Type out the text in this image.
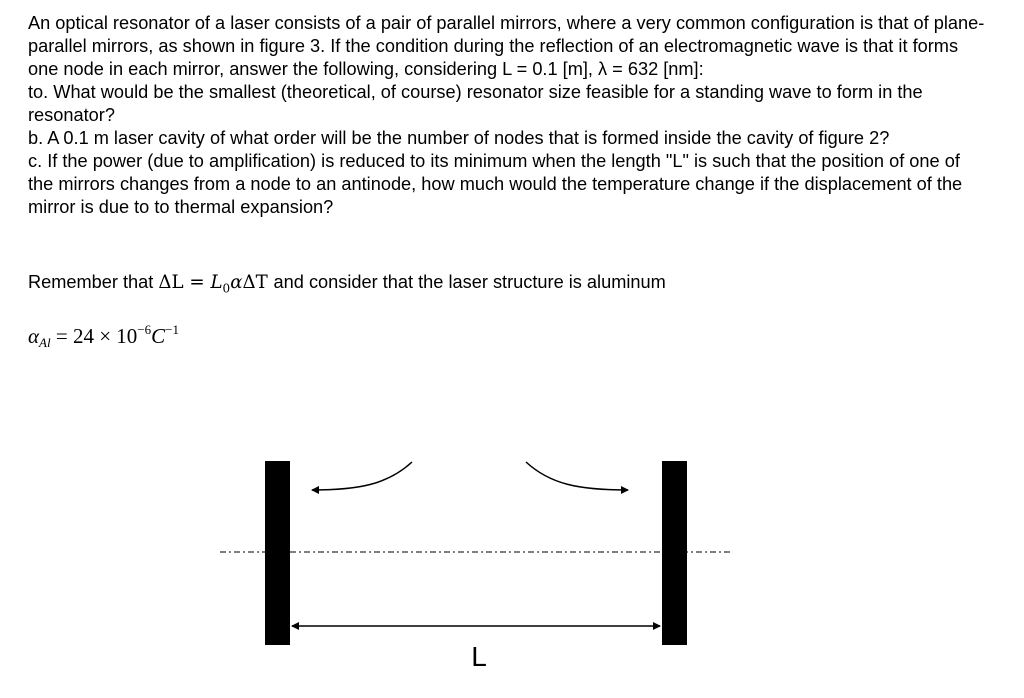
An optical resonator of a laser consists of a pair of parallel mirrors, where a very common configuration is that of plane-parallel mirrors, as shown in figure 3. If the condition during the reflection of an electromagnetic wave is that it forms one node in each mirror, answer the following, considering L = 0.1 [m], λ = 632 [nm]:

to. What would be the smallest (theoretical, of course) resonator size feasible for a standing wave to form in the resonator?

b. A 0.1 m laser cavity of what order will be the number of nodes that is formed inside the cavity of figure 2?

c. If the power (due to amplification) is reduced to its minimum when the length "L" is such that the position of one of the mirrors changes from a node to an antinode, how much would the temperature change if the displacement of the mirror is due to to thermal expansion?

Remember that $\Delta L = L_0\alpha\Delta T$ and consider that the laser structure is aluminum
$\alpha_{Al} = 24 \times 10^{-6}C^{-1}$
L
